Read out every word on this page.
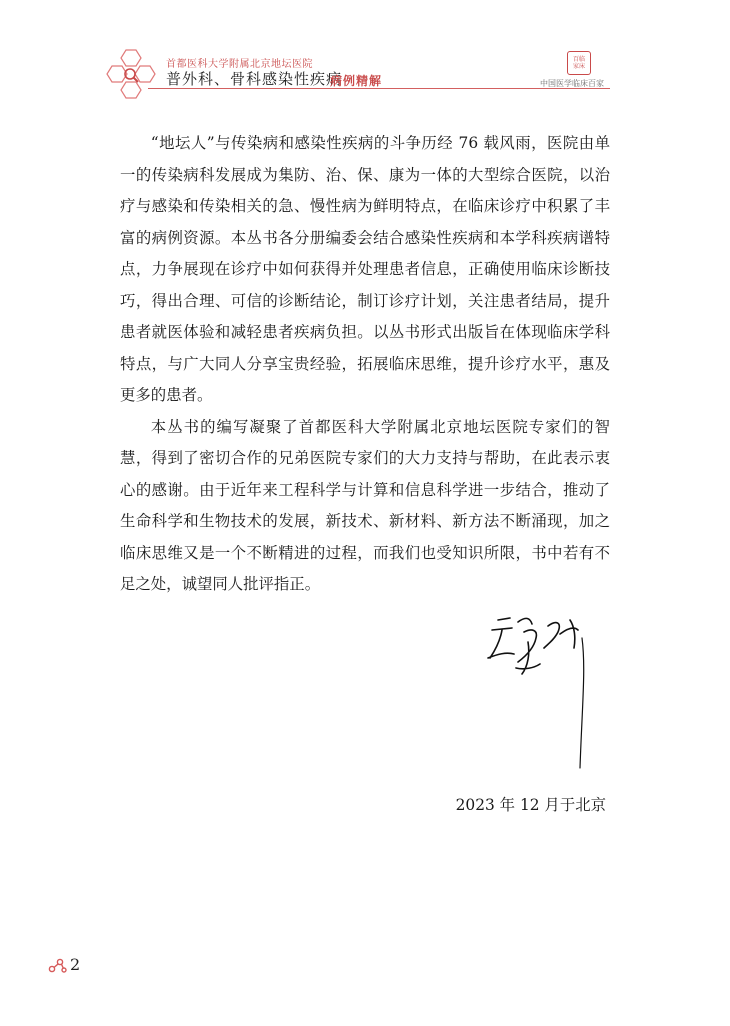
首都医科大学附属北京地坛医院
普外科、骨科感染性疾病
病例精解
百临
家床
中国医学临床百家

“地坛人”与传染病和感染性疾病的斗争历经 76 载风雨，医院由单一的传染病科发展成为集防、治、保、康为一体的大型综合医院，以治疗与感染和传染相关的急、慢性病为鲜明特点，在临床诊疗中积累了丰富的病例资源。本丛书各分册编委会结合感染性疾病和本学科疾病谱特点，力争展现在诊疗中如何获得并处理患者信息，正确使用临床诊断技巧，得出合理、可信的诊断结论，制订诊疗计划，关注患者结局，提升患者就医体验和减轻患者疾病负担。以丛书形式出版旨在体现临床学科特点，与广大同人分享宝贵经验，拓展临床思维，提升诊疗水平，惠及更多的患者。

本丛书的编写凝聚了首都医科大学附属北京地坛医院专家们的智慧，得到了密切合作的兄弟医院专家们的大力支持与帮助，在此表示衷心的感谢。由于近年来工程科学与计算和信息科学进一步结合，推动了生命科学和生物技术的发展，新技术、新材料、新方法不断涌现，加之临床思维又是一个不断精进的过程，而我们也受知识所限，书中若有不足之处，诚望同人批评指正。

2023 年 12 月于北京
2
